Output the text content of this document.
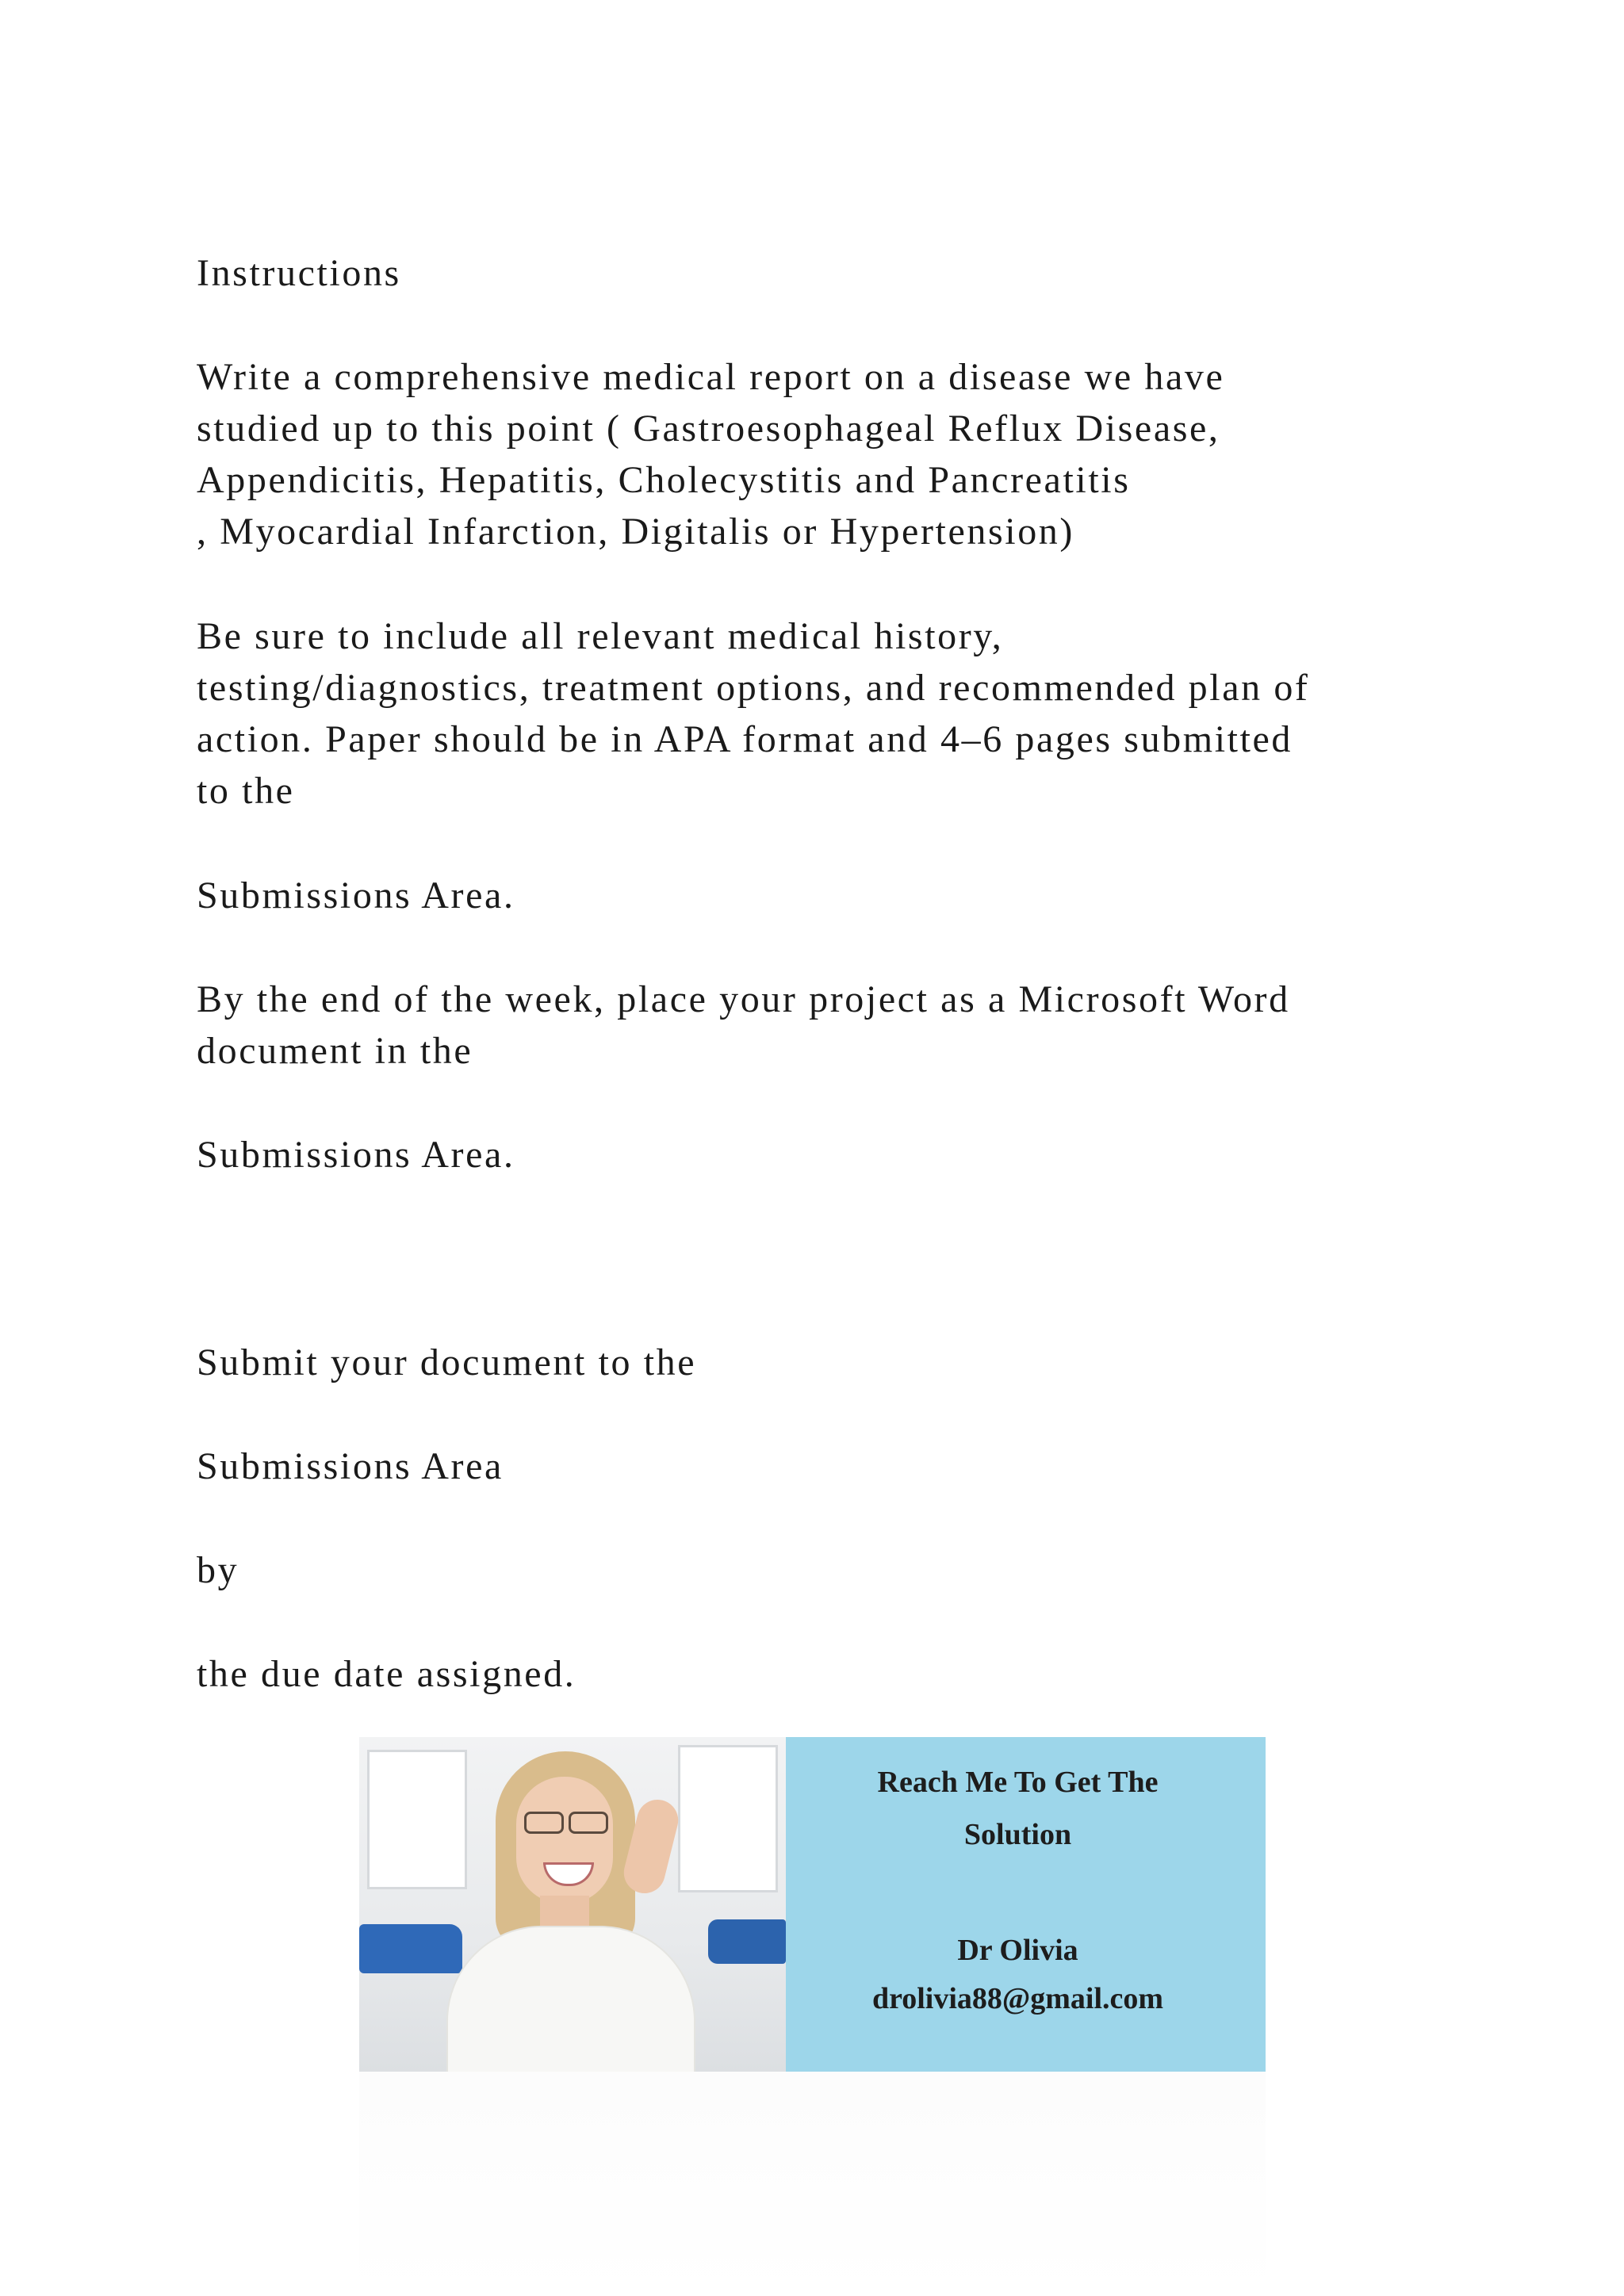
Instructions
Write a comprehensive medical report on a disease we have
studied up to this point ( Gastroesophageal Reflux Disease,
Appendicitis, Hepatitis, Cholecystitis and Pancreatitis
, Myocardial Infarction, Digitalis or Hypertension)
Be sure to include all relevant medical history,
testing/diagnostics, treatment options, and recommended plan of
action. Paper should be in APA format and 4–6 pages submitted
to the
Submissions Area.
By the end of the week, place your project as a Microsoft Word
document in the
Submissions Area.
Submit your document to the
Submissions Area
by
the due date assigned.
Reach Me To Get The
Solution
Dr Olivia
drolivia88@gmail.com
